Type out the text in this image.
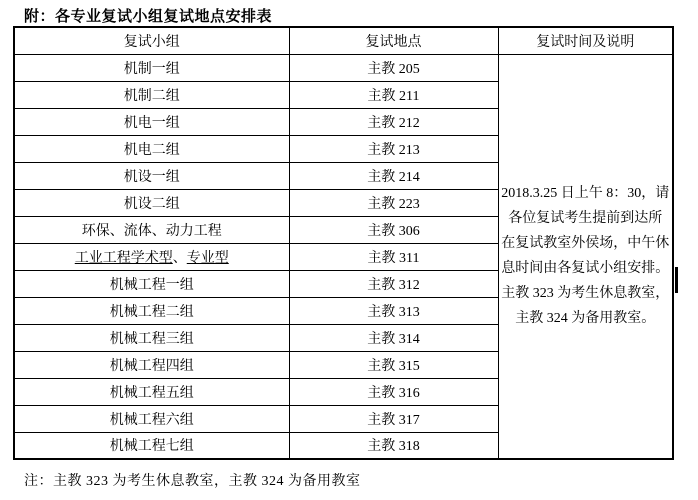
附：各专业复试小组复试地点安排表
复试小组	复试地点	复试时间及说明
机制一组	主教 205	
2018.3.25 日上午 8：30，请
各位复试考生提前到达所
在复试教室外侯场，中午休
息时间由各复试小组安排。
主教 323 为考生休息教室，
主教 324 为备用教室。

机制二组	主教 211	
机电一组	主教 212	
机电二组	主教 213	
机设一组	主教 214	
机设二组	主教 223	
环保、流体、动力工程	主教 306	
工业工程学术型、专业型	主教 311	
机械工程一组	主教 312	
机械工程二组	主教 313	
机械工程三组	主教 314	
机械工程四组	主教 315	
机械工程五组	主教 316	
机械工程六组	主教 317	
机械工程七组	主教 318	
注：主教 323 为考生休息教室，主教 324 为备用教室
